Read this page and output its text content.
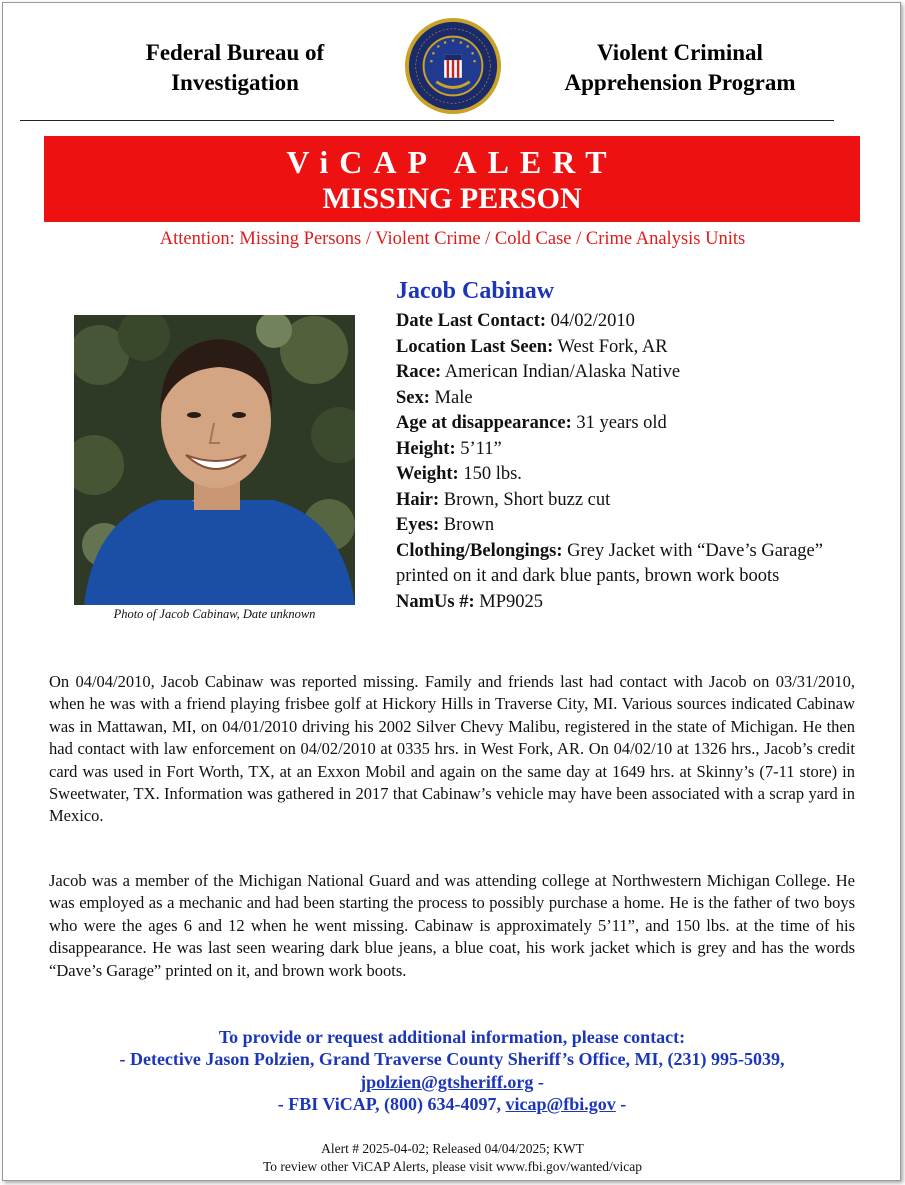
Federal Bureau of
Investigation
Violent Criminal
Apprehension Program
ViCAP ALERT
MISSING PERSON
Attention: Missing Persons / Violent Crime / Cold Case / Crime Analysis Units
Photo of Jacob Cabinaw, Date unknown
Jacob Cabinaw
Date Last Contact: 04/02/2010
Location Last Seen: West Fork, AR
Race: American Indian/Alaska Native
Sex: Male
Age at disappearance: 31 years old
Height: 5’11”
Weight: 150 lbs.
Hair: Brown, Short buzz cut
Eyes: Brown
Clothing/Belongings: Grey Jacket with “Dave’s Garage” printed on it and dark blue pants, brown work boots
NamUs #: MP9025
On 04/04/2010, Jacob Cabinaw was reported missing. Family and friends last had contact with Jacob on 03/31/2010, when he was with a friend playing frisbee golf at Hickory Hills in Traverse City, MI. Various sources indicated Cabinaw was in Mattawan, MI, on 04/01/2010 driving his 2002 Silver Chevy Malibu, registered in the state of Michigan. He then had contact with law enforcement on 04/02/2010 at 0335 hrs. in West Fork, AR. On 04/02/10 at 1326 hrs., Jacob’s credit card was used in Fort Worth, TX, at an Exxon Mobil and again on the same day at 1649 hrs. at Skinny’s (7-11 store) in Sweetwater, TX. Information was gathered in 2017 that Cabinaw’s vehicle may have been associated with a scrap yard in Mexico.
Jacob was a member of the Michigan National Guard and was attending college at Northwestern Michigan College. He was employed as a mechanic and had been starting the process to possibly purchase a home. He is the father of two boys who were the ages 6 and 12 when he went missing. Cabinaw is approximately 5’11”, and 150 lbs. at the time of his disappearance. He was last seen wearing dark blue jeans, a blue coat, his work jacket which is grey and has the words “Dave’s Garage” printed on it, and brown work boots.
To provide or request additional information, please contact:
- Detective Jason Polzien, Grand Traverse County Sheriff’s Office, MI, (231) 995-5039,
jpolzien@gtsheriff.org -
- FBI ViCAP, (800) 634-4097, vicap@fbi.gov -
Alert # 2025-04-02; Released 04/04/2025; KWT
To review other ViCAP Alerts, please visit www.fbi.gov/wanted/vicap
